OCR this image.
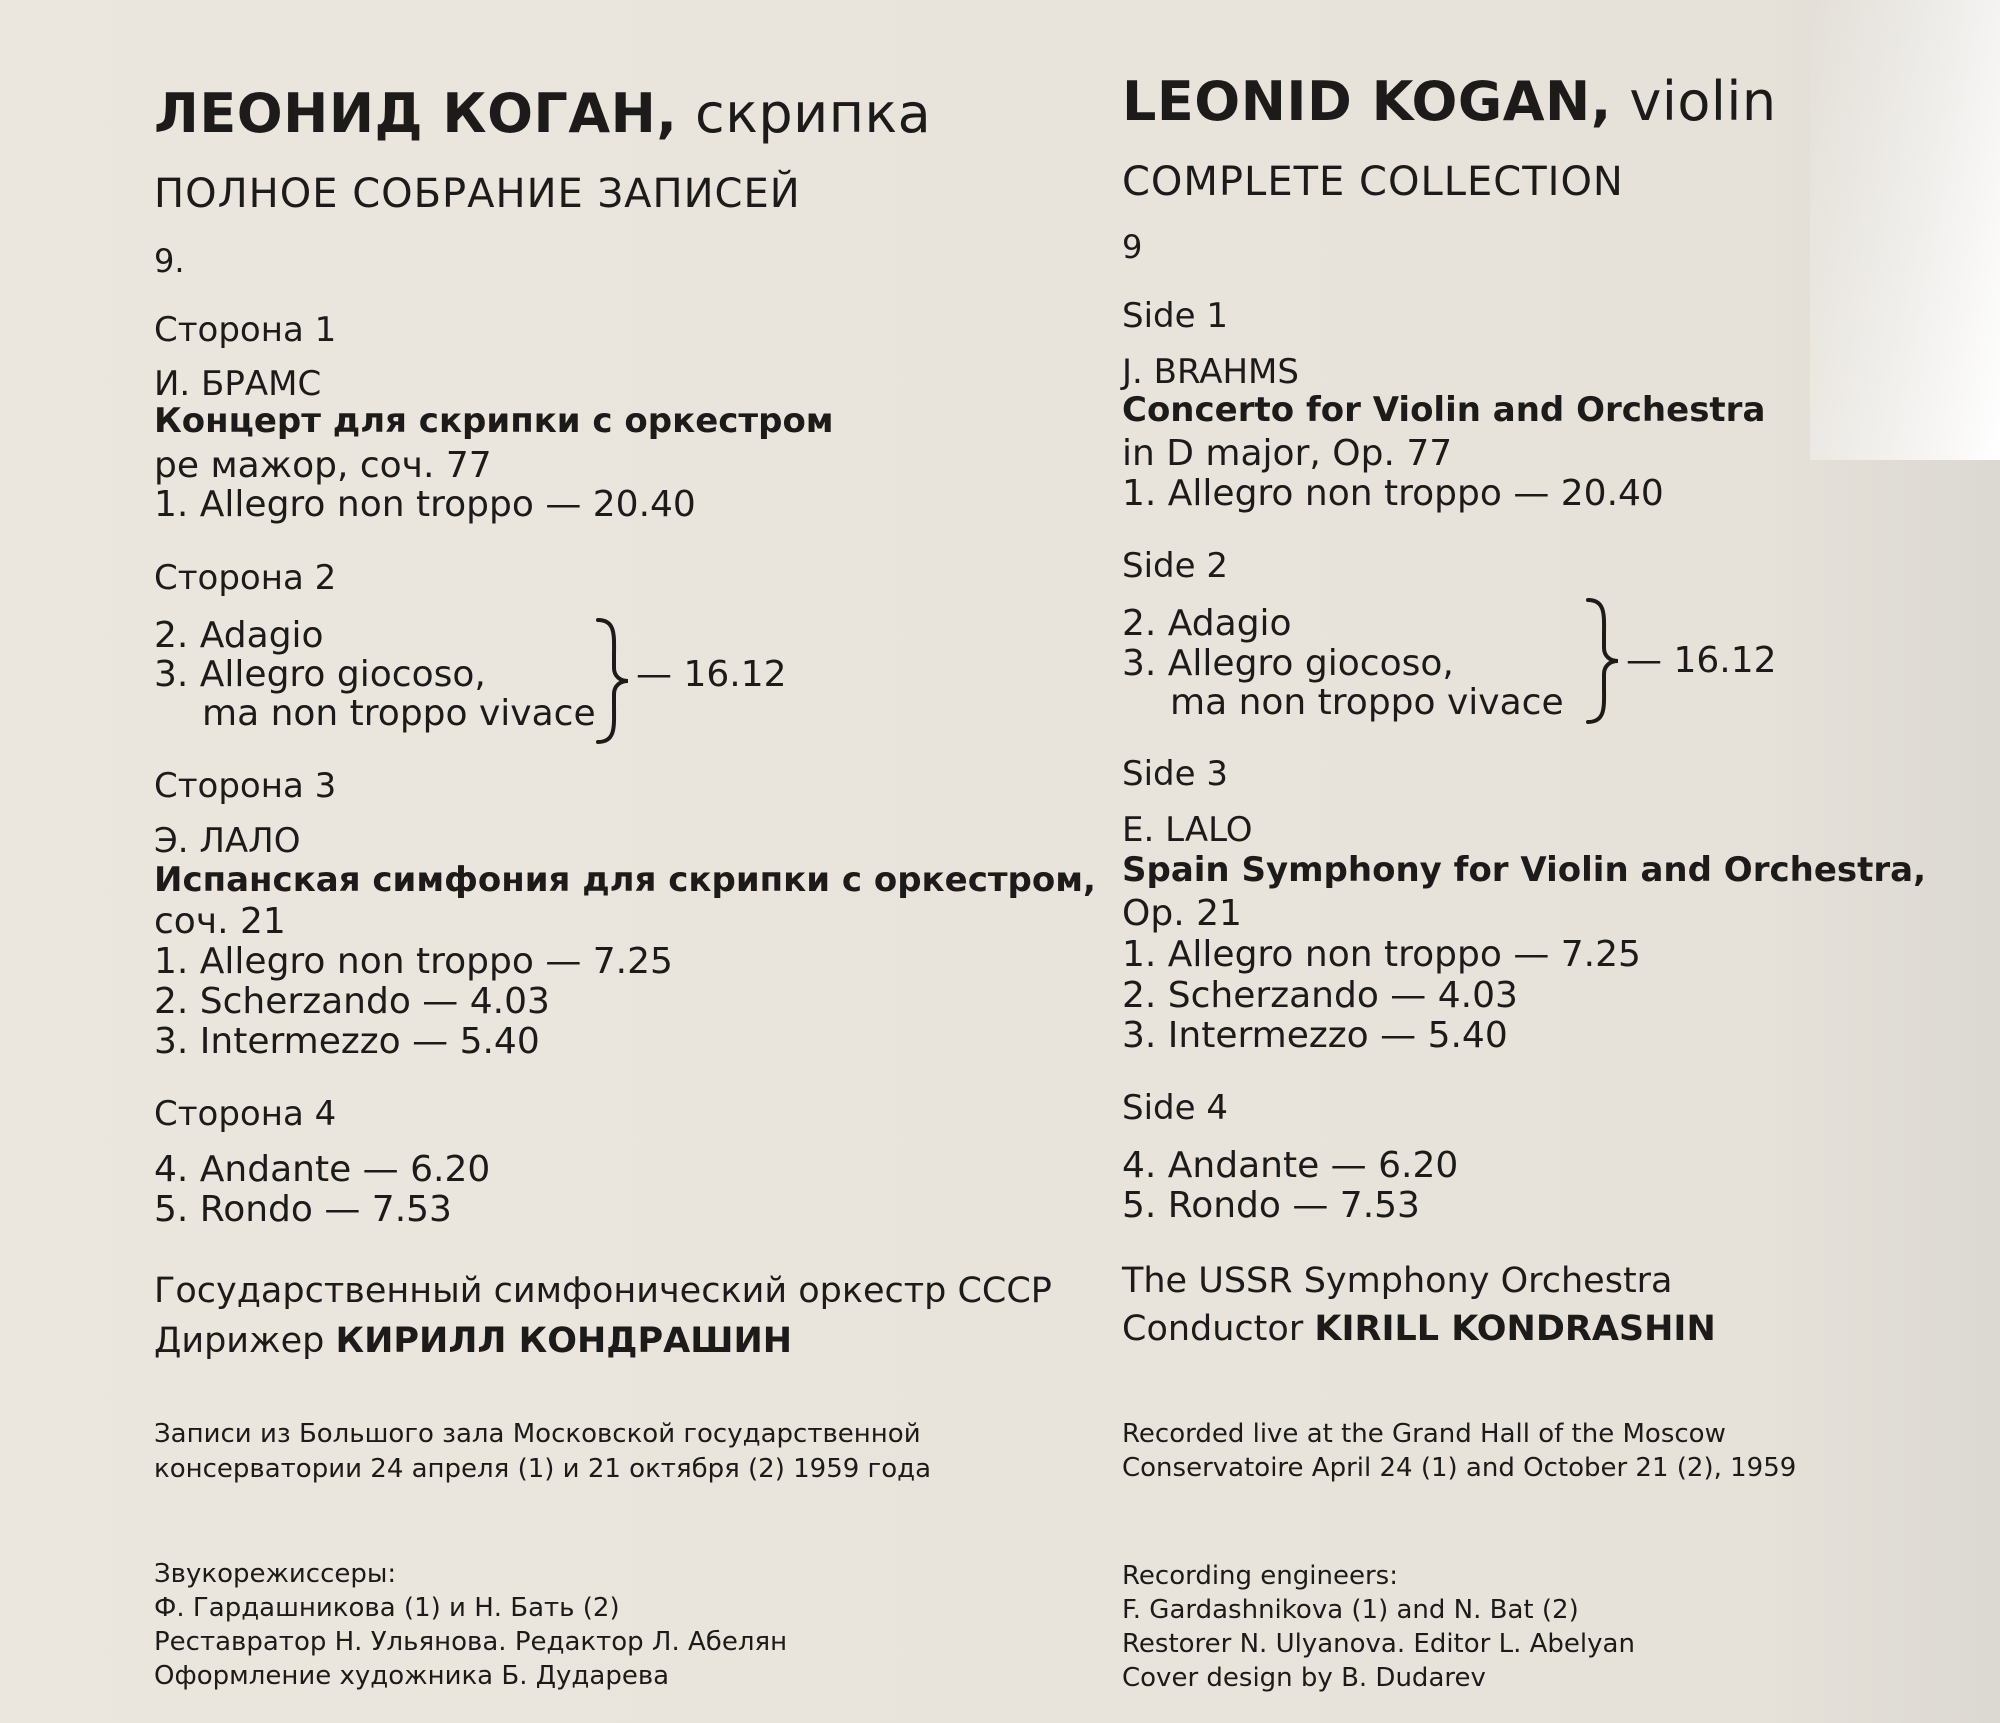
ЛЕОНИД КОГАН, скрипка
ПОЛНОЕ СОБРАНИЕ ЗАПИСЕЙ
9.
Сторона 1
И. БРАМС
Концерт для скрипки с оркестром
ре мажор, соч. 77
1. Allegro non troppo — 20.40
Сторона 2
2. Adagio
3. Allegro giocoso,
ma non troppo vivace
— 16.12
Сторона 3
Э. ЛАЛО
Испанская симфония для скрипки с оркестром,
соч. 21
1. Allegro non troppo — 7.25
2. Scherzando — 4.03
3. Intermezzo — 5.40
Сторона 4
4. Andante — 6.20
5. Rondo — 7.53
Государственный симфонический оркестр СССР
Дирижер КИРИЛЛ КОНДРАШИН
Записи из Большого зала Московской государственной
консерватории 24 апреля (1) и 21 октября (2) 1959 года
Звукорежиссеры:
Ф. Гардашникова (1) и Н. Бать (2)
Реставратор Н. Ульянова. Редактор Л. Абелян
Оформление художника Б. Дударева
LEONID KOGAN, violin
COMPLETE COLLECTION
9
Side 1
J. BRAHMS
Concerto for Violin and Orchestra
in D major, Op. 77
1. Allegro non troppo — 20.40
Side 2
2. Adagio
3. Allegro giocoso,
ma non troppo vivace
— 16.12
Side 3
E. LALO
Spain Symphony for Violin and Orchestra,
Op. 21
1. Allegro non troppo — 7.25
2. Scherzando — 4.03
3. Intermezzo — 5.40
Side 4
4. Andante — 6.20
5. Rondo — 7.53
The USSR Symphony Orchestra
Conductor KIRILL KONDRASHIN
Recorded live at the Grand Hall of the Moscow
Conservatoire April 24 (1) and October 21 (2), 1959
Recording engineers:
F. Gardashnikova (1) and N. Bat (2)
Restorer N. Ulyanova. Editor L. Abelyan
Cover design by B. Dudarev
